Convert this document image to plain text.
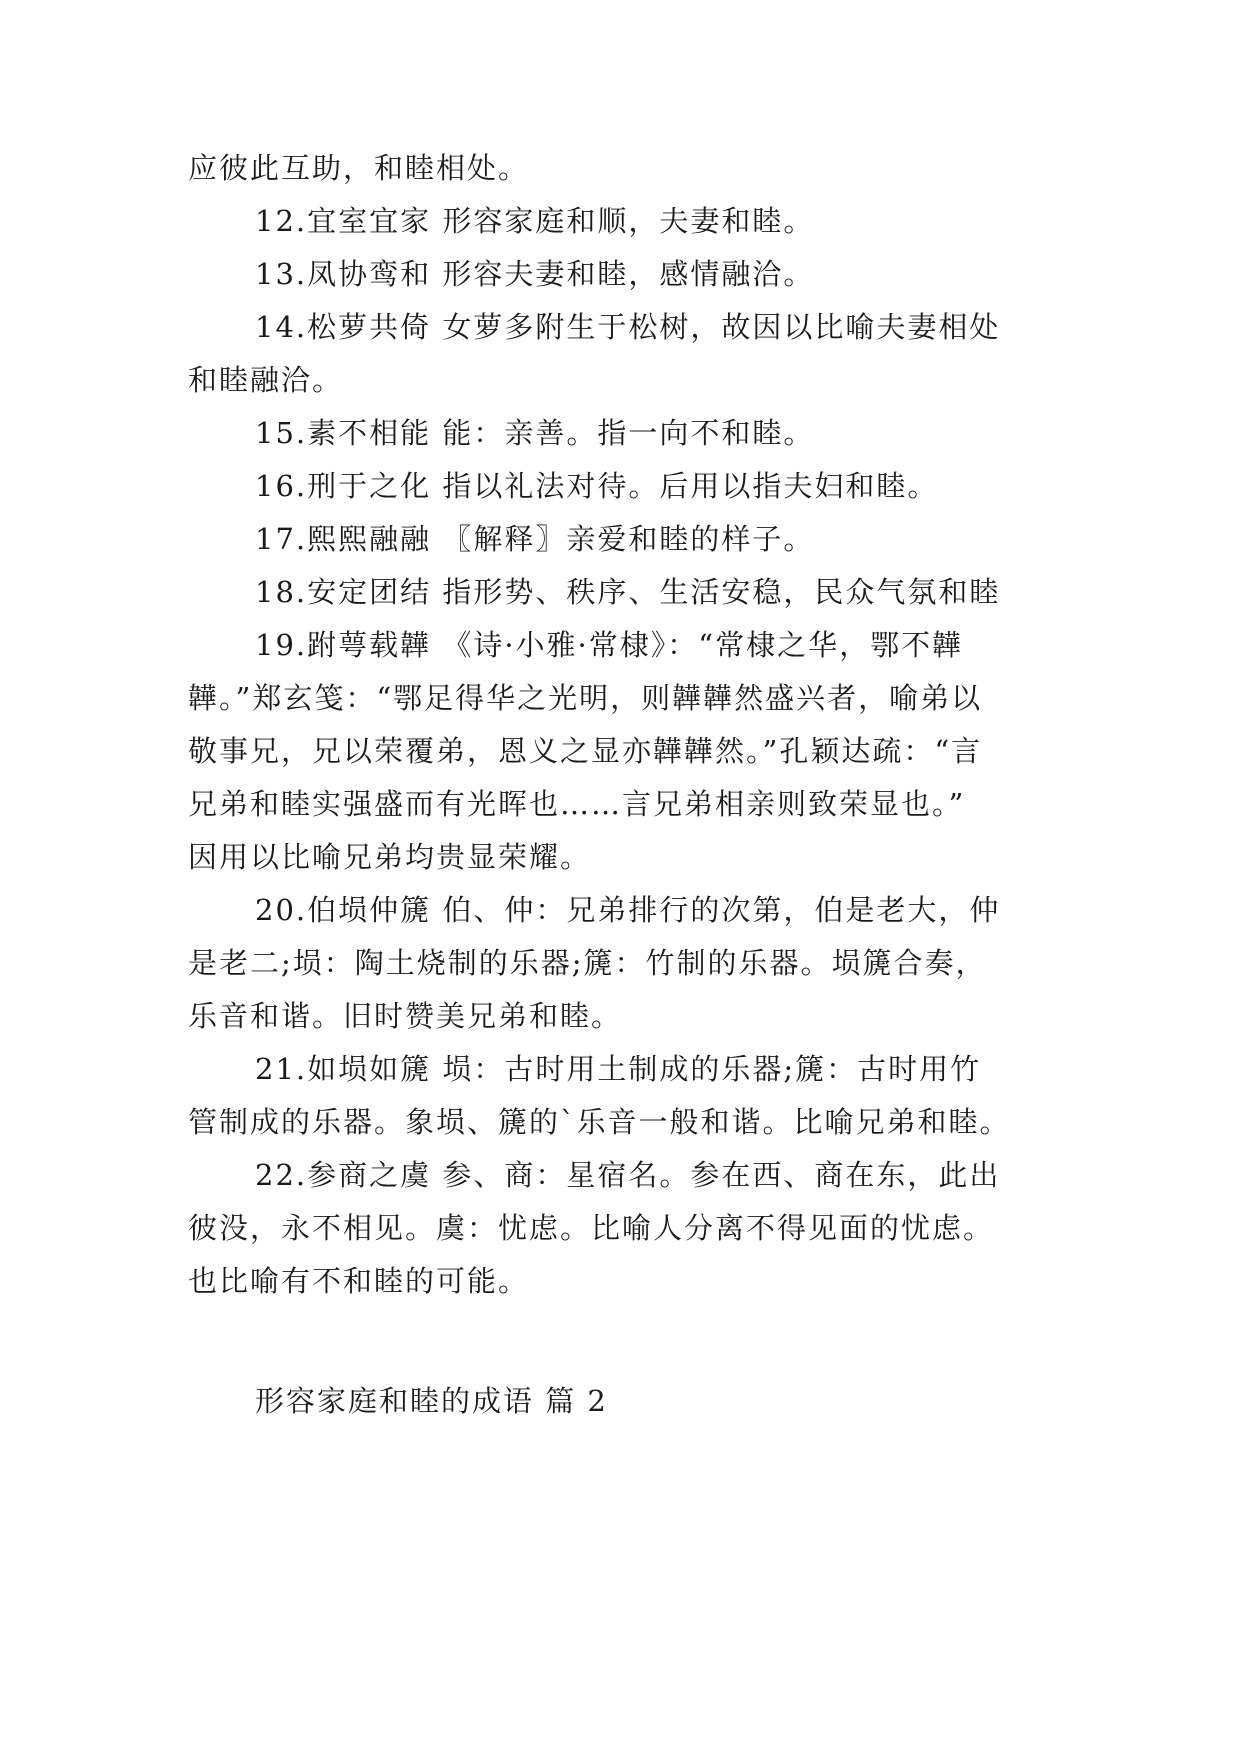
应彼此互助，和睦相处。
12.宜室宜家 形容家庭和顺，夫妻和睦。
13.凤协鸾和 形容夫妻和睦，感情融洽。
14.松萝共倚 女萝多附生于松树，故因以比喻夫妻相处
和睦融洽。
15.素不相能 能：亲善。指一向不和睦。
16.刑于之化 指以礼法对待。后用以指夫妇和睦。
17.熙熙融融 〖解释〗亲爱和睦的样子。
18.安定团结 指形势、秩序、生活安稳，民众气氛和睦
19.跗萼载韡 《诗·小雅·常棣》：“常棣之华，鄂不韡
韡。”郑玄笺：“鄂足得华之光明，则韡韡然盛兴者，喻弟以
敬事兄，兄以荣覆弟，恩义之显亦韡韡然。”孔颖达疏：“言
兄弟和睦实强盛而有光晖也……言兄弟相亲则致荣显也。”
因用以比喻兄弟均贵显荣耀。
20.伯埙仲篪 伯、仲：兄弟排行的次第，伯是老大，仲
是老二;埙：陶土烧制的乐器;篪：竹制的乐器。埙篪合奏，
乐音和谐。旧时赞美兄弟和睦。
21.如埙如篪 埙：古时用土制成的乐器;篪：古时用竹
管制成的乐器。象埙、篪的`乐音一般和谐。比喻兄弟和睦。
22.参商之虞 参、商：星宿名。参在西、商在东，此出
彼没，永不相见。虞：忧虑。比喻人分离不得见面的忧虑。
也比喻有不和睦的可能。
形容家庭和睦的成语 篇 2
